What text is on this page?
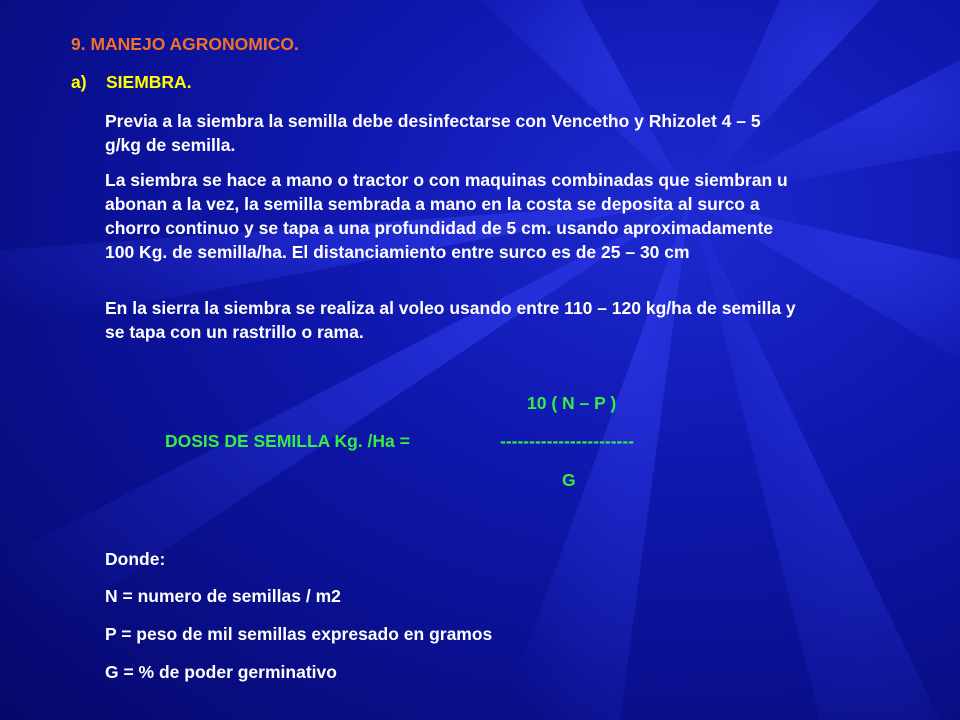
9. MANEJO AGRONOMICO.
a) SIEMBRA.
Previa a la siembra la semilla debe desinfectarse con Vencetho y Rhizolet 4 – 5
g/kg de semilla.
La siembra se hace a mano o tractor o con maquinas combinadas que siembran u
abonan a la vez, la semilla sembrada a mano en la costa se deposita al surco a
chorro continuo y se tapa a una profundidad de 5 cm. usando aproximadamente
100 Kg. de semilla/ha. El distanciamiento entre surco es de 25 – 30 cm
En la sierra la siembra se realiza al voleo usando entre 110 – 120 kg/ha de semilla y
se tapa con un rastrillo o rama.
10 ( N – P )
DOSIS DE SEMILLA Kg. /Ha =	-----------------------
G
Donde:
N = numero de semillas / m2
P = peso de mil semillas expresado en gramos
G = % de poder germinativo
